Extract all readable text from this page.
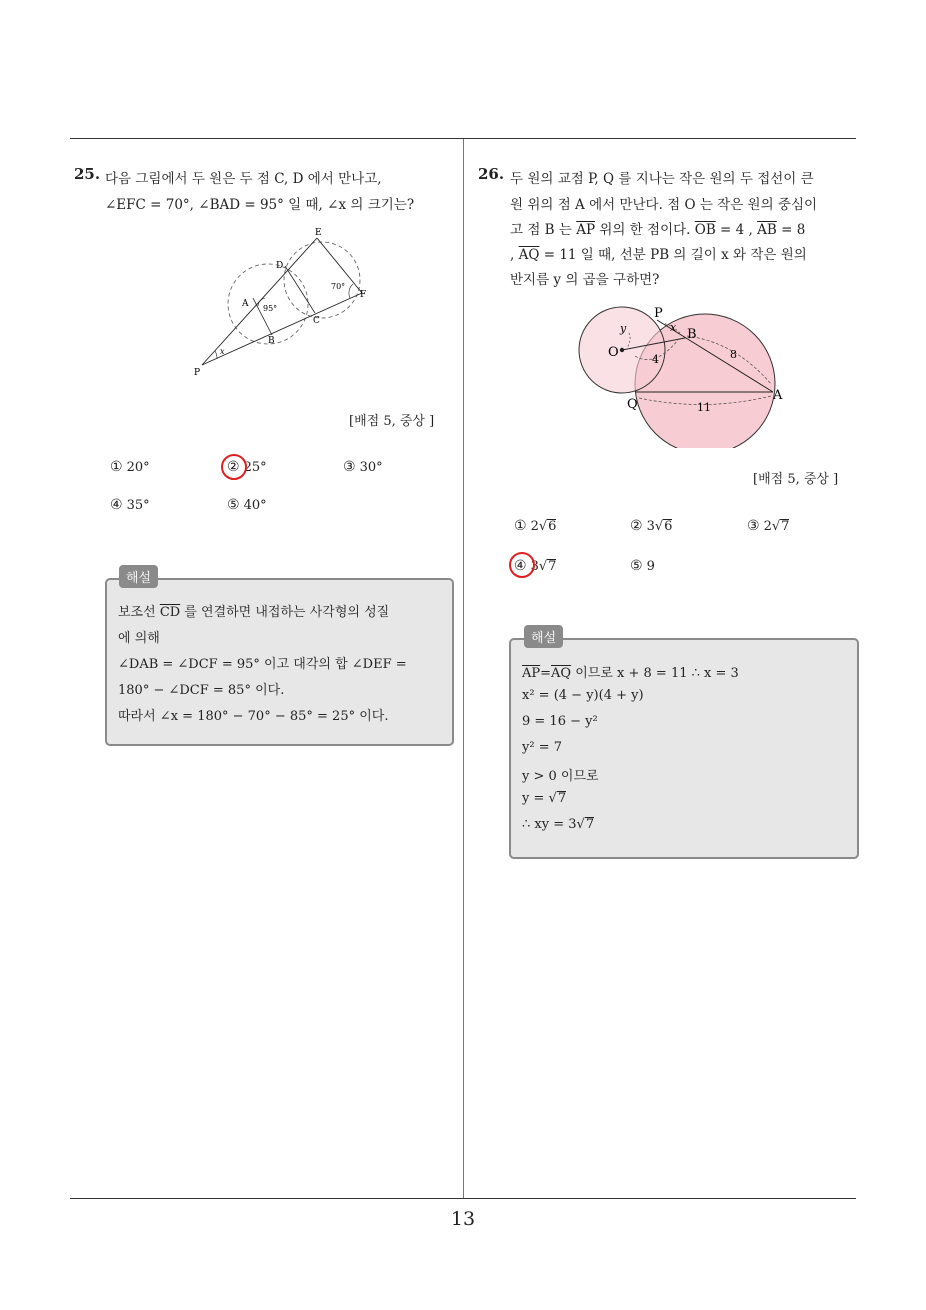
13
25. 다음 그림에서 두 원은 두 점 C, D 에서 만나고,
∠EFC = 70°, ∠BAD = 95° 일 때, ∠x 의 크기는?
E
D
A
B
C
F
P
95°
70°
x
[배점 5, 중상 ]
① 20°	② 25°	③ 30°
④ 35°	⑤ 40°
해설
보조선 $\overline{CD}$ 를 연결하면 내접하는 사각형의 성질
에 의해
∠DAB = ∠DCF = 95° 이고 대각의 합 ∠DEF =
180° − ∠DCF = 85° 이다.
따라서 ∠x = 180° − 70° − 85° = 25° 이다.
26. 두 원의 교점 P, Q 를 지나는 작은 원의 두 접선이 큰
원 위의 점 A 에서 만난다. 점 O 는 작은 원의 중심이
고 점 B 는 $\overline{AP}$ 위의 한 점이다. $\overline{OB} = 4$ , $\overline{AB} = 8$
, $\overline{AQ} = 11$ 일 때, 선분 PB 의 길이 x 와 작은 원의
반지름 y 의 곱을 구하면?
P
B
O
Q
A
x
y
4	8
11
[배점 5, 중상 ]
① 2√6	② 3√6	③ 2√7
④ 3√7	⑤ 9
해설
$\overline{AP}=\overline{AQ}$ 이므로 x + 8 = 11 ∴ x = 3
x² = (4 − y)(4 + y)
9 = 16 − y²
y² = 7
y > 0 이므로
y = √7
∴ xy = 3√7
